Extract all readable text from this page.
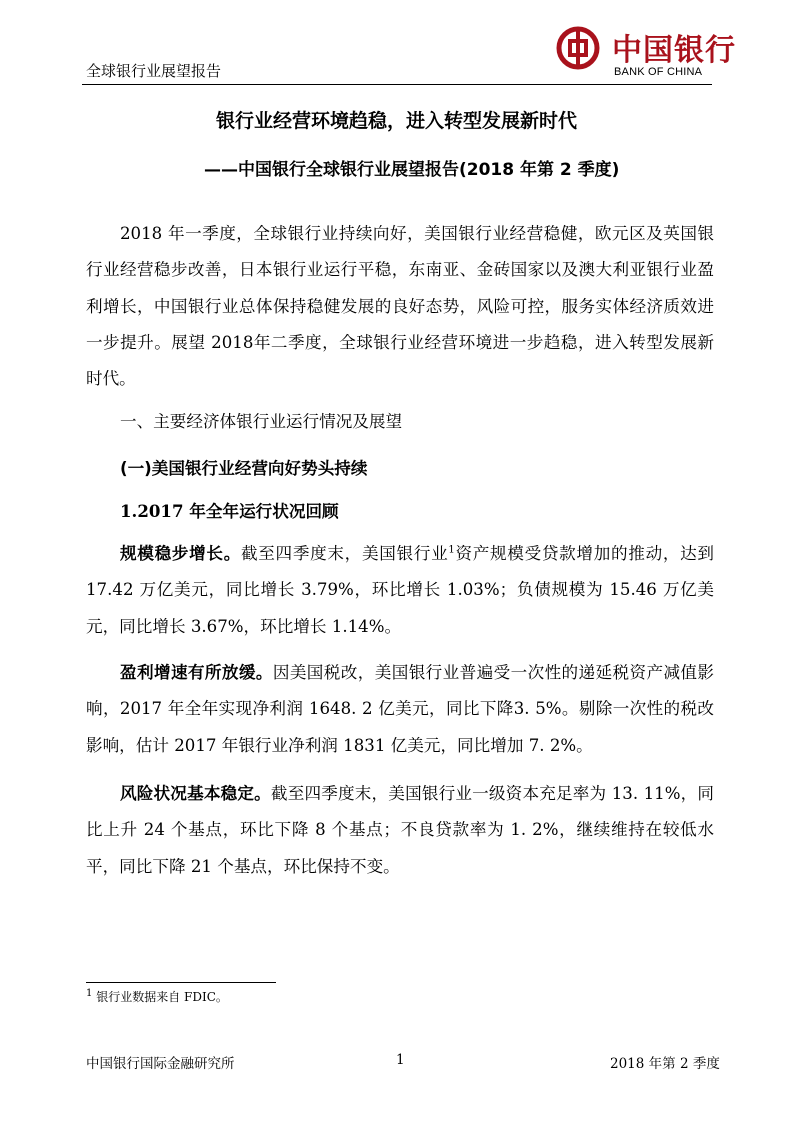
全球银行业展望报告
中国银行
BANK OF CHINA
银行业经营环境趋稳，进入转型发展新时代
——中国银行全球银行业展望报告(2018 年第 2 季度)
2018 年一季度，全球银行业持续向好，美国银行业经营稳健，欧元区及英国银行业经营稳步改善，日本银行业运行平稳，东南亚、金砖国家以及澳大利亚银行业盈利增长，中国银行业总体保持稳健发展的良好态势，风险可控，服务实体经济质效进一步提升。展望 2018年二季度，全球银行业经营环境进一步趋稳，进入转型发展新时代。
一、主要经济体银行业运行情况及展望
(一)美国银行业经营向好势头持续
1.2017 年全年运行状况回顾
规模稳步增长。截至四季度末，美国银行业$^1$资产规模受贷款增加的推动，达到 17.42 万亿美元，同比增长 3.79%，环比增长 1.03%；负债规模为 15.46 万亿美元，同比增长 3.67%，环比增长 1.14%。
盈利增速有所放缓。因美国税改，美国银行业普遍受一次性的递延税资产减值影响，2017 年全年实现净利润 1648. 2 亿美元，同比下降3. 5%。剔除一次性的税改影响，估计 2017 年银行业净利润 1831 亿美元，同比增加 7. 2%。
风险状况基本稳定。截至四季度末，美国银行业一级资本充足率为 13. 11%，同比上升 24 个基点，环比下降 8 个基点；不良贷款率为 1. 2%，继续维持在较低水平，同比下降 21 个基点，环比保持不变。
$^1$ 银行业数据来自 FDIC。
中国银行国际金融研究所	1	2018 年第 2 季度
